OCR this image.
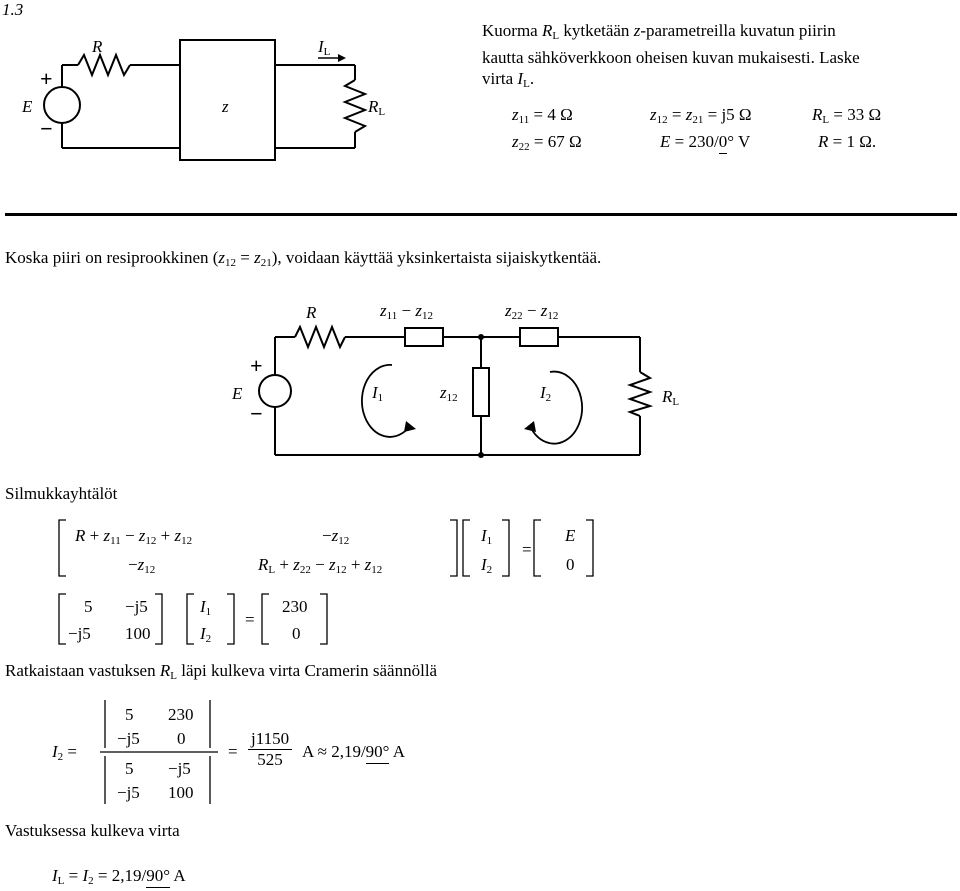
1.3
R	IL
E
+
−
z	RL
Kuorma $R_L$ kytketään z-parametreilla kuvatun piirin
kautta sähköverkkoon oheisen kuvan mukaisesti. Laske
virta $I_L$.
$z_{11} = 4$ Ω	$z_{12} = z_{21} = j5$ Ω	$R_L = 33$ Ω
$z_{22} = 67$ Ω	E = 230/0° V	R = 1 Ω.
Koska piiri on resiprookkinen $(z_{12} = z_{21})$, voidaan käyttää yksinkertaista sijaiskytkentää.
R	z11 − z12	z22 − z12
E
+
−
I1	z12	I2	RL
Silmukkayhtälöt
$R + z_{11} - z_{12} + z_{12}$	$-z_{12}$
$-z_{12}$	$R_L + z_{22} - z_{12} + z_{12}$
$I_1$
$I_2$
=
E
0
5 −j5
−j5 100
$I_1$
$I_2$
=
230
0
Ratkaistaan vastuksen $R_L$ läpi kulkeva virta Cramerin säännöllä
$I_2$ =
5 230
−j5 0
5 −j5
−j5 100
= $\frac{j1150}{525}$ A ≈ 2,19/90° A
Vastuksessa kulkeva virta
$I_L = I_2 = 2,19/90^\circ$ A
